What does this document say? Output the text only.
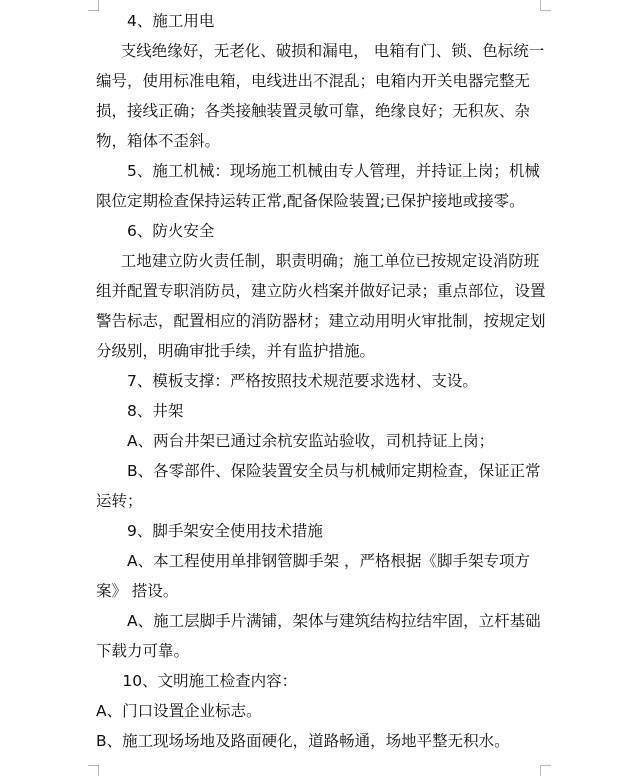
4、施工用电

支线绝缘好，无老化、破损和漏电， 电箱有门、锁、色标统一编号，使用标准电箱，电线进出不混乱；电箱内开关电器完整无损，接线正确；各类接触装置灵敏可靠，绝缘良好；无积灰、杂物，箱体不歪斜。

5、施工机械：现场施工机械由专人管理，并持证上岗；机械限位定期检查保持运转正常,配备保险装置;已保护接地或接零。

6、防火安全

工地建立防火责任制，职责明确；施工单位已按规定设消防班组并配置专职消防员，建立防火档案并做好记录；重点部位，设置警告标志，配置相应的消防器材；建立动用明火审批制，按规定划分级别，明确审批手续，并有监护措施。

7、模板支撑：严格按照技术规范要求选材、支设。

8、井架

A、两台井架已通过余杭安监站验收，司机持证上岗；

B、各零部件、保险装置安全员与机械师定期检查，保证正常运转；

9、脚手架安全使用技术措施

A、本工程使用单排钢管脚手架 ，严格根据《脚手架专项方案》 搭设。

A、施工层脚手片满铺，架体与建筑结构拉结牢固，立杆基础下载力可靠。

10、文明施工检查内容：

A、门口设置企业标志。

B、施工现场场地及路面硬化，道路畅通，场地平整无积水。
